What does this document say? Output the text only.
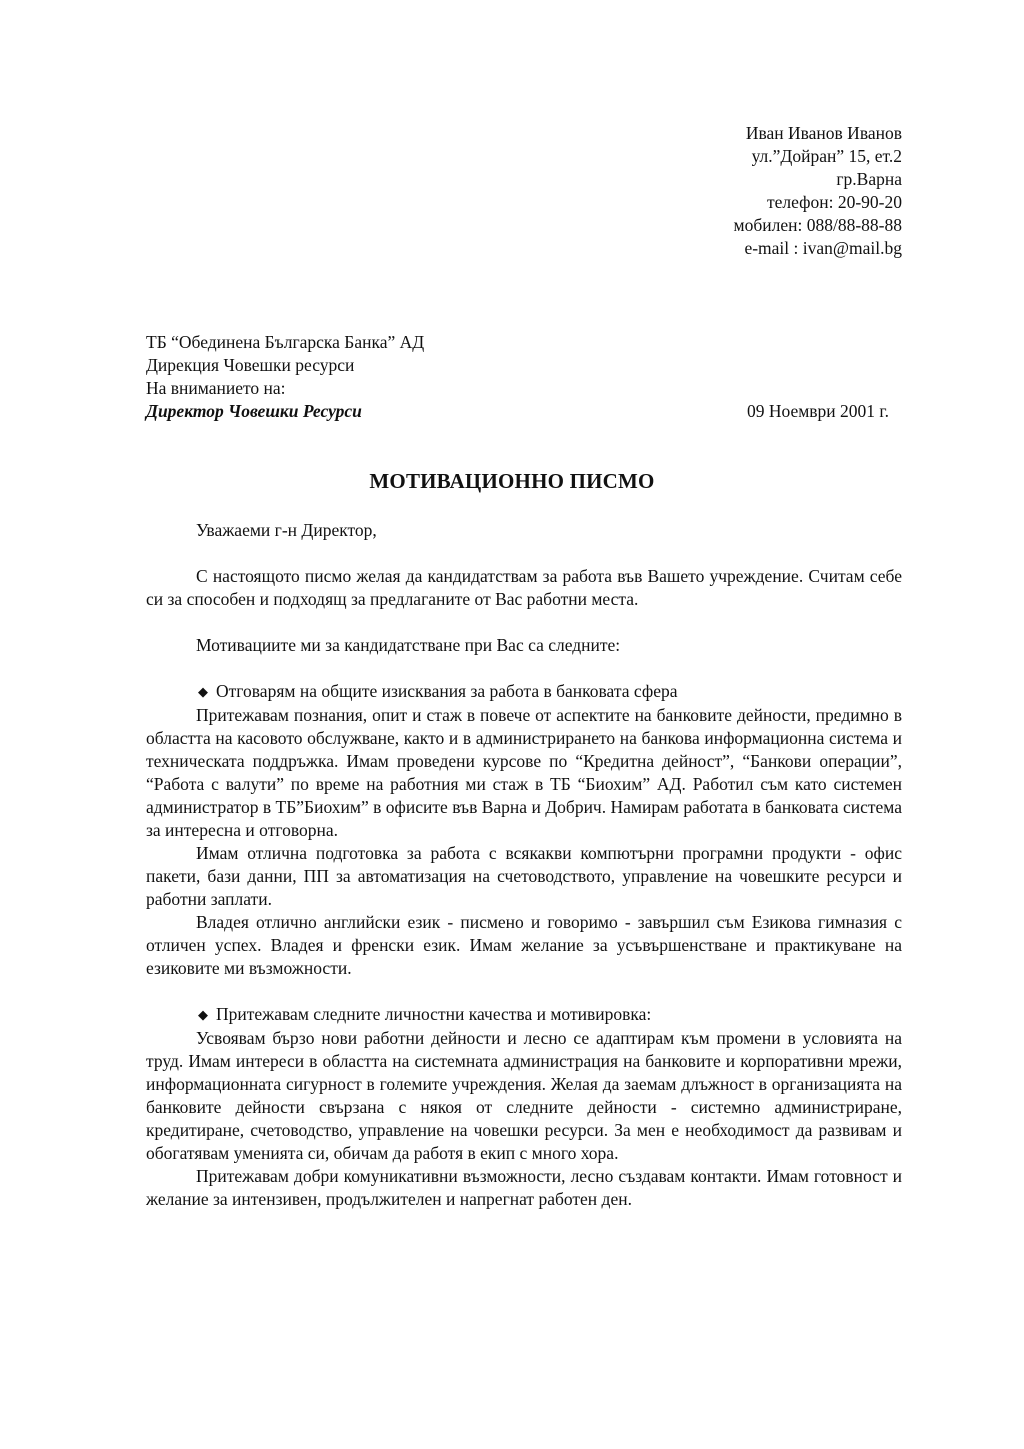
Иван Иванов Иванов
ул.”Дойран” 15, ет.2
гр.Варна
телефон: 20-90-20
мобилен: 088/88-88-88
e-mail : ivan@mail.bg
ТБ “Обединена Българска Банка” АД
Дирекция Човешки ресурси
На вниманието на:
Директор Човешки Ресурси	09 Ноември 2001 г.
МОТИВАЦИОННО ПИСМО

Уважаеми г-н Директор,

С настоящото писмо желая да кандидатствам за работа във Вашето учреждение. Считам себе си за способен и подходящ за предлаганите от Вас работни места.

Мотивациите ми за кандидатстване при Вас са следните:

◆ Отговарям на общите изисквания за работа в банковата сфера

Притежавам познания, опит и стаж в повече от аспектите на банковите дейности, предимно в областта на касовото обслужване, както и в администрирането на банкова информационна система и техническата поддръжка. Имам проведени курсове по “Кредитна дейност”, “Банкови операции”, “Работа с валути” по време на работния ми стаж в ТБ “Биохим” АД. Работил съм като системен администратор в ТБ”Биохим” в офисите във Варна и Добрич. Намирам работата в банковата система за интересна и отговорна.

Имам отлична подготовка за работа с всякакви компютърни програмни продукти - офис пакети, бази данни, ПП за автоматизация на счетоводството, управление на човешките ресурси и работни заплати.

Владея отлично английски език - писмено и говоримо - завършил съм Езикова гимназия с отличен успех. Владея и френски език. Имам желание за усъвършенстване и практикуване на езиковите ми възможности.

◆ Притежавам следните личностни качества и мотивировка:

Усвоявам бързо нови работни дейности и лесно се адаптирам към промени в условията на труд. Имам интереси в областта на системната администрация на банковите и корпоративни мрежи, информационната сигурност в големите учреждения. Желая да заемам длъжност в организацията на банковите дейности свързана с някоя от следните дейности - системно администриране, кредитиране, счетоводство, управление на човешки ресурси. За мен е необходимост да развивам и обогатявам уменията си, обичам да работя в екип с много хора.

Притежавам добри комуникативни възможности, лесно създавам контакти. Имам готовност и желание за интензивен, продължителен и напрегнат работен ден.
